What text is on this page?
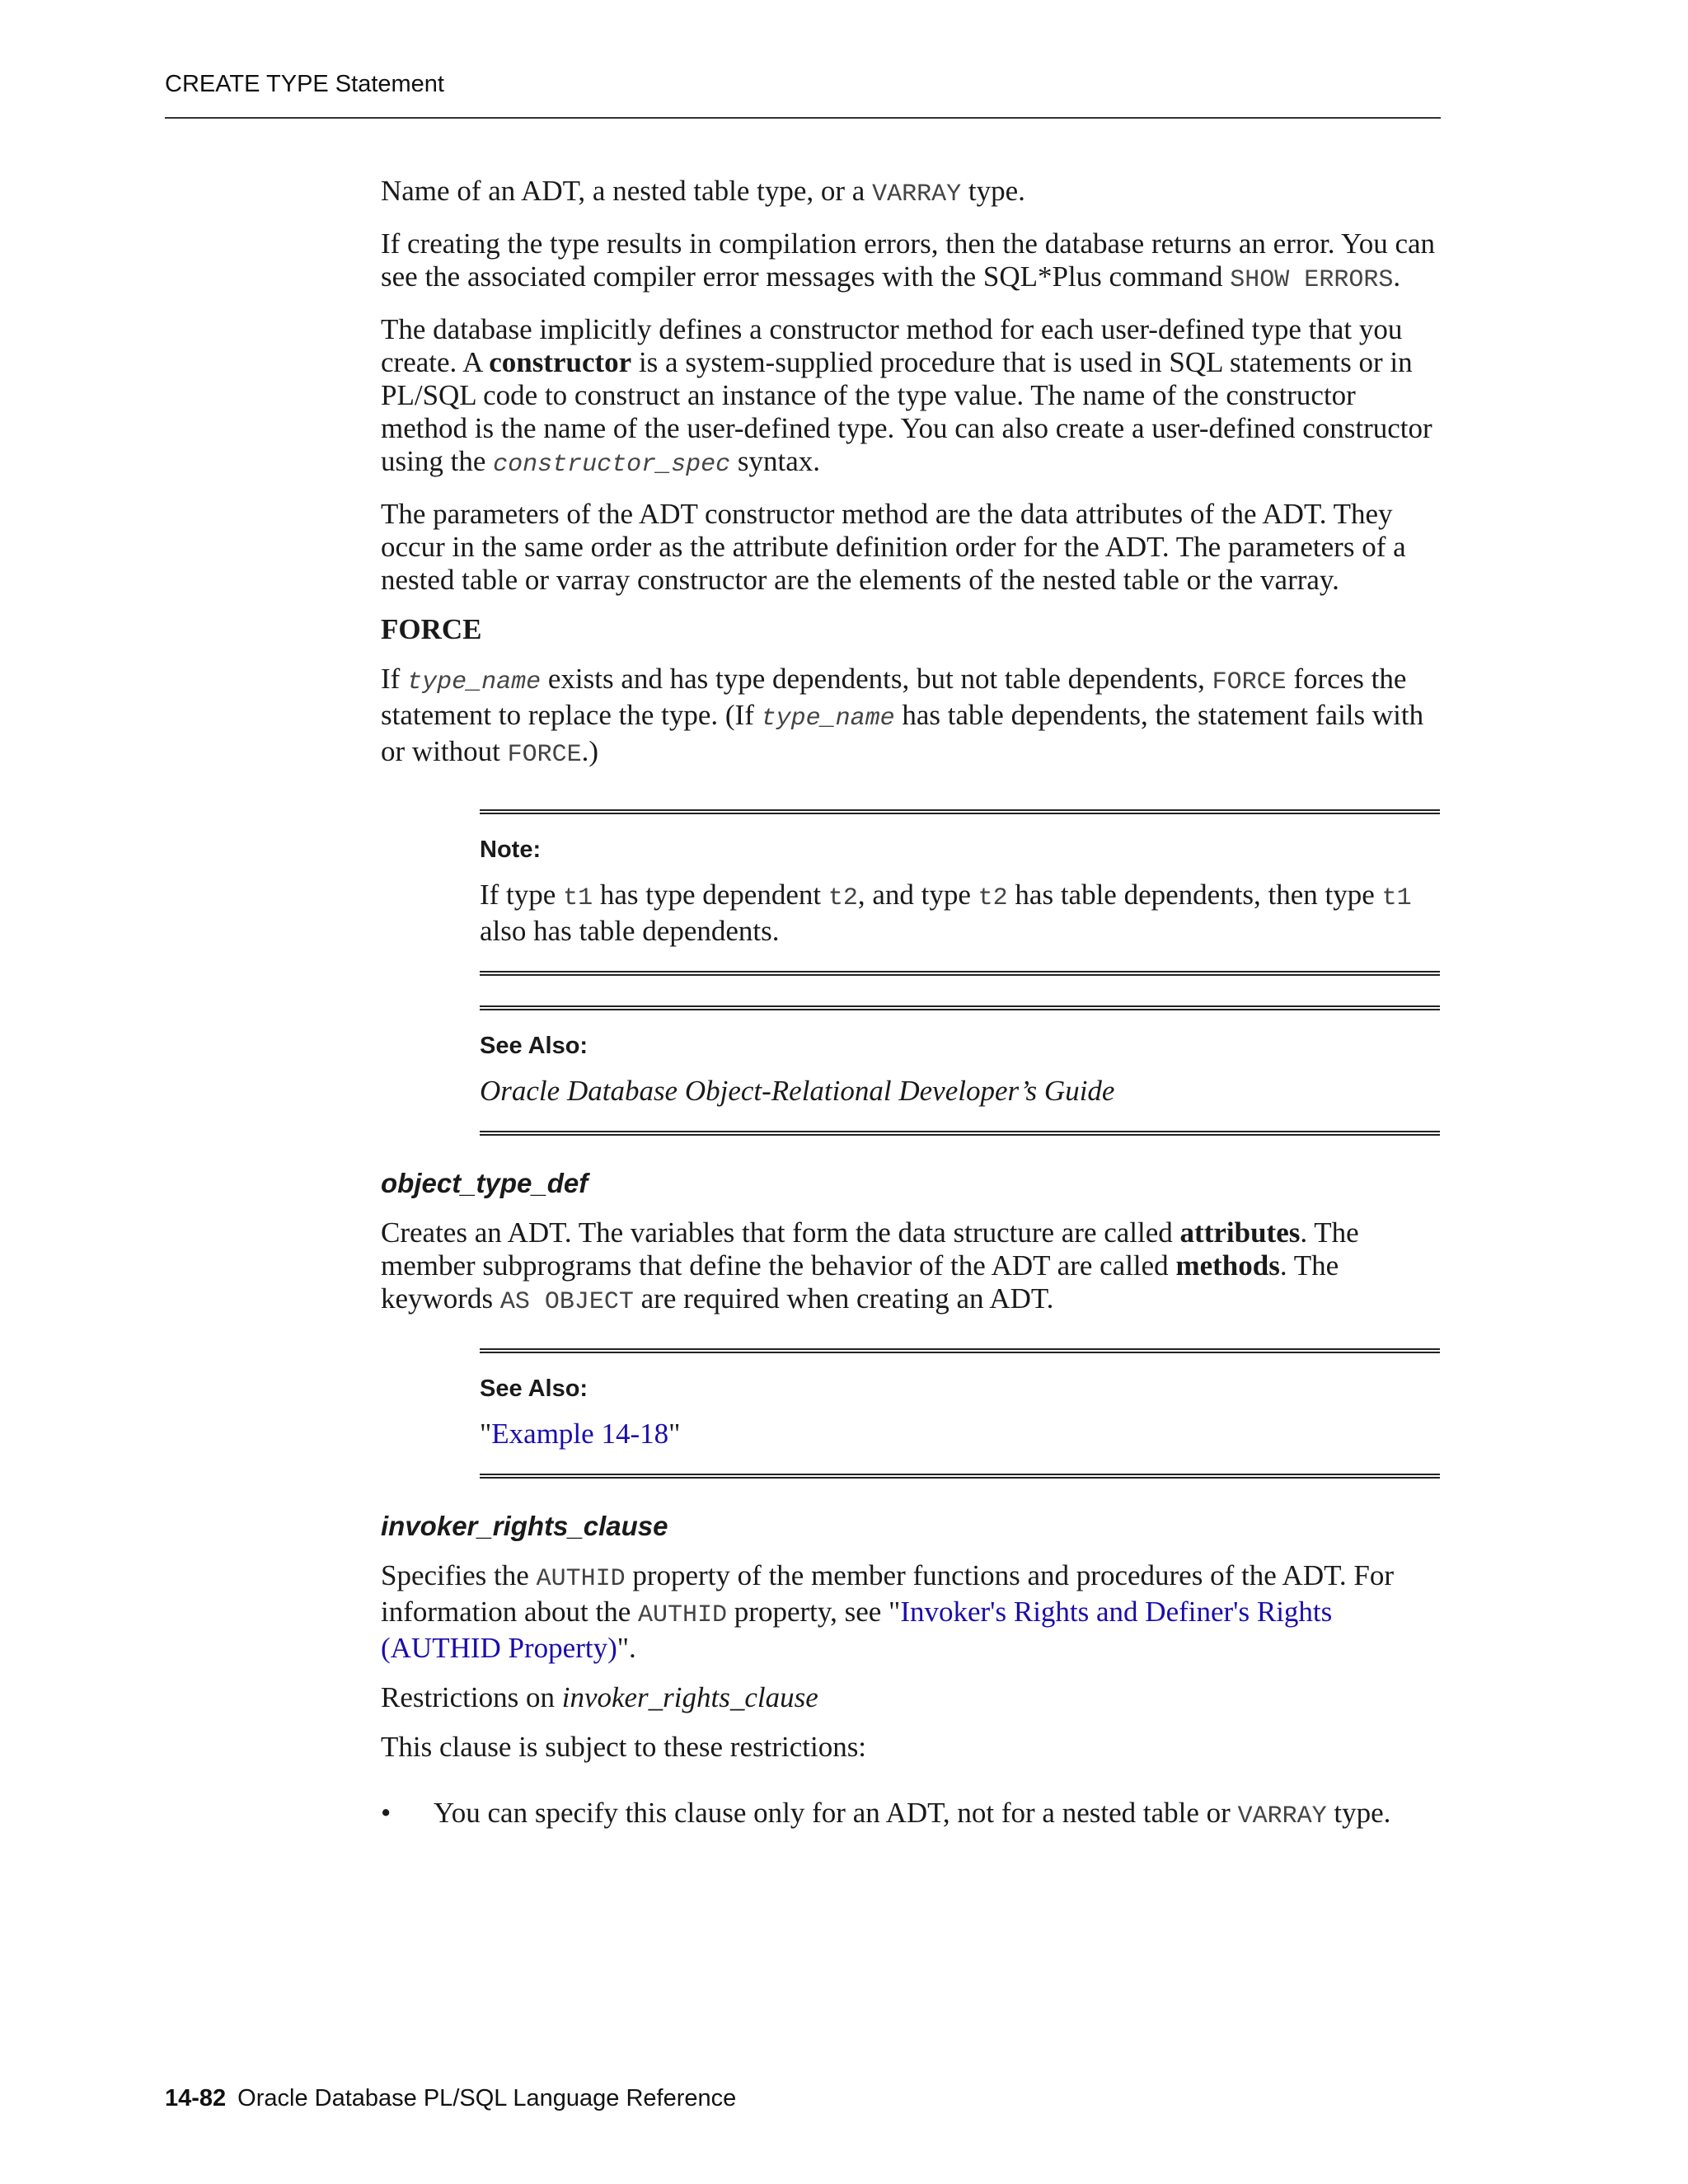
CREATE TYPE Statement

Name of an ADT, a nested table type, or a VARRAY type.

If creating the type results in compilation errors, then the database returns an error. You can see the associated compiler error messages with the SQL*Plus command SHOW ERRORS.

The database implicitly defines a constructor method for each user-defined type that you create. A constructor is a system-supplied procedure that is used in SQL statements or in PL/SQL code to construct an instance of the type value. The name of the constructor method is the name of the user-defined type. You can also create a user-defined constructor using the constructor_spec syntax.

The parameters of the ADT constructor method are the data attributes of the ADT. They occur in the same order as the attribute definition order for the ADT. The parameters of a nested table or varray constructor are the elements of the nested table or the varray.

FORCE

If type_name exists and has type dependents, but not table dependents, FORCE forces the statement to replace the type. (If type_name has table dependents, the statement fails with or without FORCE.)

Note:
If type t1 has type dependent t2, and type t2 has table dependents, then type t1 also has table dependents.
See Also:
Oracle Database Object-Relational Developer’s Guide
object_type_def

Creates an ADT. The variables that form the data structure are called attributes. The member subprograms that define the behavior of the ADT are called methods. The keywords AS OBJECT are required when creating an ADT.

See Also:
"Example 14-18"
invoker_rights_clause

Specifies the AUTHID property of the member functions and procedures of the ADT. For information about the AUTHID property, see "Invoker's Rights and Definer's Rights (AUTHID Property)".

Restrictions on invoker_rights_clause

This clause is subject to these restrictions:

• You can specify this clause only for an ADT, not for a nested table or VARRAY type.
14-82 Oracle Database PL/SQL Language Reference
